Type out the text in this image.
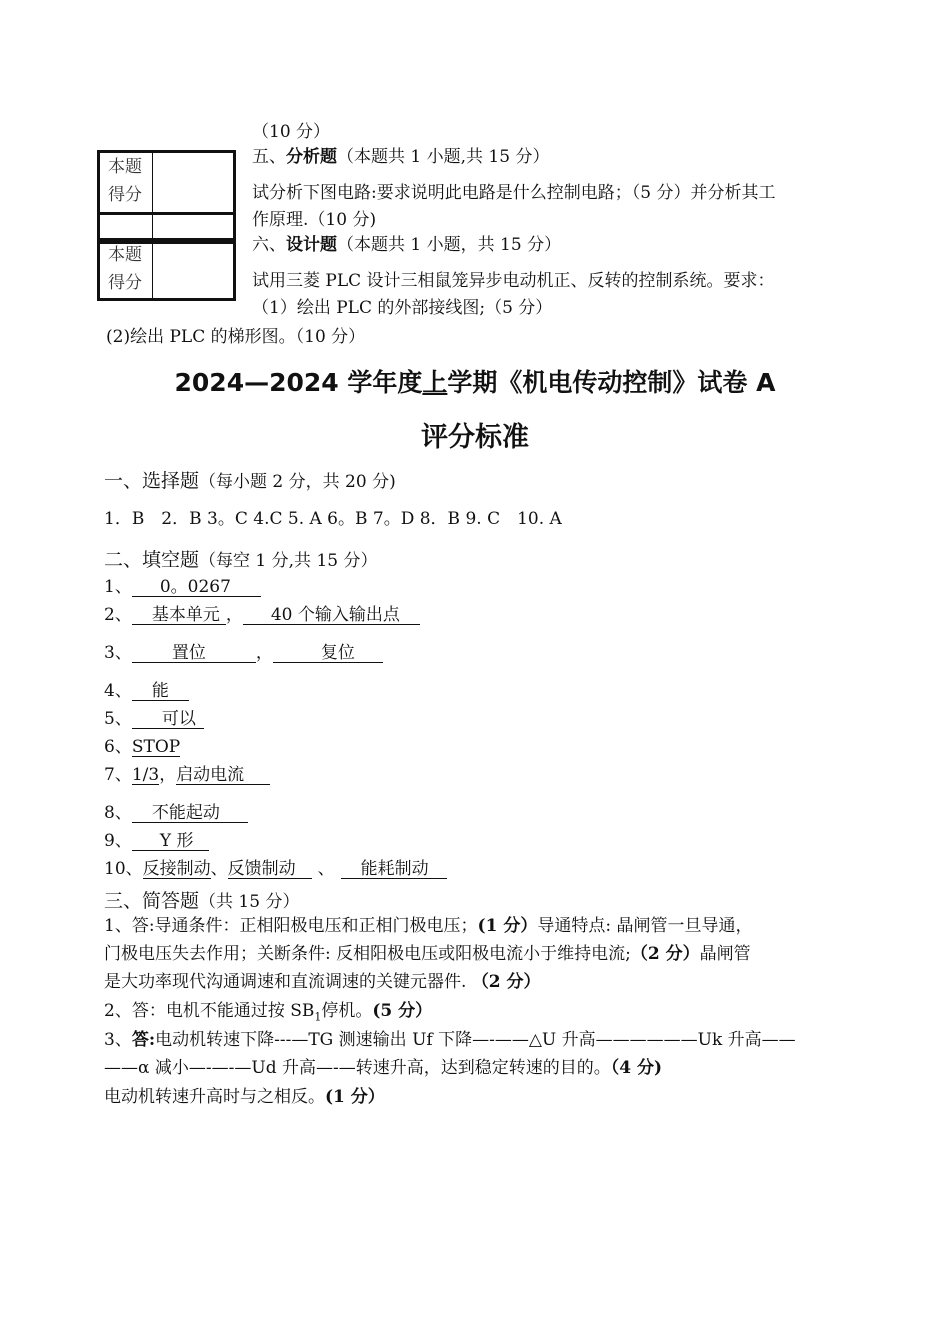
本题
得分
本题
得分
（10 分）
五、分析题（本题共 1 小题,共 15 分）
试分析下图电路:要求说明此电路是什么控制电路；（5 分）并分析其工
作原理.（10 分)
六、设计题（本题共 1 小题，共 15 分）
试用三菱 PLC 设计三相鼠笼异步电动机正、反转的控制系统。要求：
（1）绘出 PLC 的外部接线图;（5 分）
(2)绘出 PLC 的梯形图。（10 分）
2024—2024 学年度上学期《机电传动控制》试卷 A
评分标准
一、选择题（每小题 2 分，共 20 分)
1．B　2．B 3。C 4.C 5. A 6。B 7。D 8．B 9. C　10. A
二、填空题（每空 1 分,共 15 分）
1、 0。0267
2、 基本单元 ， 40 个输入输出点
3、 置位	，	复位
4、 能
5、 可以
6、STOP
7、1/3，启动电流
8、 不能起动
9、 Y 形
10、反接制动、反馈制动 、 能耗制动
三、简答题（共 15 分）
1、答:导通条件：正相阳极电压和正相门极电压；(1 分）导通特点: 晶闸管一旦导通，
门极电压失去作用；关断条件: 反相阳极电压或阳极电流小于维持电流;（2 分）晶闸管
是大功率现代沟通调速和直流调速的关键元器件. （2 分）
2、答：电机不能通过按 $SB_1$停机。(5 分）
3、答:电动机转速下降---—TG 测速输出 Uf 下降—-——△U 升高——————Uk 升高——
——α 减小—-—-—Ud 升高—-—转速升高，达到稳定转速的目的。（4 分)
电动机转速升高时与之相反。(1 分）
